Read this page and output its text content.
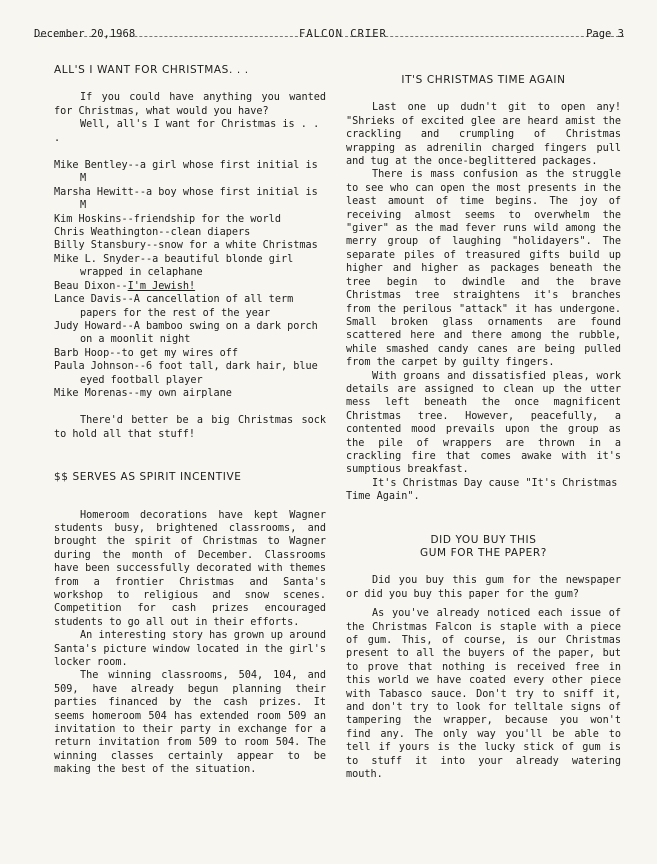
December 20,1968	FALCON CRIER	Page 3
ALL'S I WANT FOR CHRISTMAS. . .

If you could have anything you wanted for Christmas, what would you have?

Well, all's I want for Christmas is . . .

Mike Bentley--a girl whose first initial is M

Marsha Hewitt--a boy whose first initial is M

Kim Hoskins--friendship for the world

Chris Weathington--clean diapers

Billy Stansbury--snow for a white Christmas

Mike L. Snyder--a beautiful blonde girl wrapped in celaphane

Beau Dixon--I'm Jewish!

Lance Davis--A cancellation of all term papers for the rest of the year

Judy Howard--A bamboo swing on a dark porch on a moonlit night

Barb Hoop--to get my wires off

Paula Johnson--6 foot tall, dark hair, blue eyed football player

Mike Morenas--my own airplane

There'd better be a big Christmas sock to hold all that stuff!

$$ SERVES AS SPIRIT INCENTIVE

Homeroom decorations have kept Wagner students busy, brightened classrooms, and brought the spirit of Christmas to Wagner during the month of December. Classrooms have been successfully decorated with themes from a frontier Christmas and Santa's workshop to religious and snow scenes. Competition for cash prizes encouraged students to go all out in their efforts.

An interesting story has grown up around Santa's picture window located in the girl's locker room.

The winning classrooms, 504, 104, and 509, have already begun planning their parties financed by the cash prizes. It seems homeroom 504 has extended room 509 an invitation to their party in exchange for a return invitation from 509 to room 504. The winning classes certainly appear to be making the best of the situation.

IT'S CHRISTMAS TIME AGAIN

Last one up dudn't git to open any! "Shrieks of excited glee are heard amist the crackling and crumpling of Christmas wrapping as adrenilin charged fingers pull and tug at the once-beglittered packages.

There is mass confusion as the struggle to see who can open the most presents in the least amount of time begins. The joy of receiving almost seems to overwhelm the "giver" as the mad fever runs wild among the merry group of laughing "holidayers". The separate piles of treasured gifts build up higher and higher as packages beneath the tree begin to dwindle and the brave Christmas tree straightens it's branches from the perilous "attack" it has undergone. Small broken glass ornaments are found scattered here and there among the rubble, while smashed candy canes are being pulled from the carpet by guilty fingers.

With groans and dissatisfied pleas, work details are assigned to clean up the utter mess left beneath the once magnificent Christmas tree. However, peacefully, a contented mood prevails upon the group as the pile of wrappers are thrown in a crackling fire that comes awake with it's sumptious breakfast.

It's Christmas Day cause "It's Christmas Time Again".

DID YOU BUY THIS
GUM FOR THE PAPER?

Did you buy this gum for the newspaper or did you buy this paper for the gum?

As you've already noticed each issue of the Christmas Falcon is staple with a piece of gum. This, of course, is our Christmas present to all the buyers of the paper, but to prove that nothing is received free in this world we have coated every other piece with Tabasco sauce. Don't try to sniff it, and don't try to look for telltale signs of tampering the wrapper, because you won't find any. The only way you'll be able to tell if yours is the lucky stick of gum is to stuff it into your already watering mouth.
